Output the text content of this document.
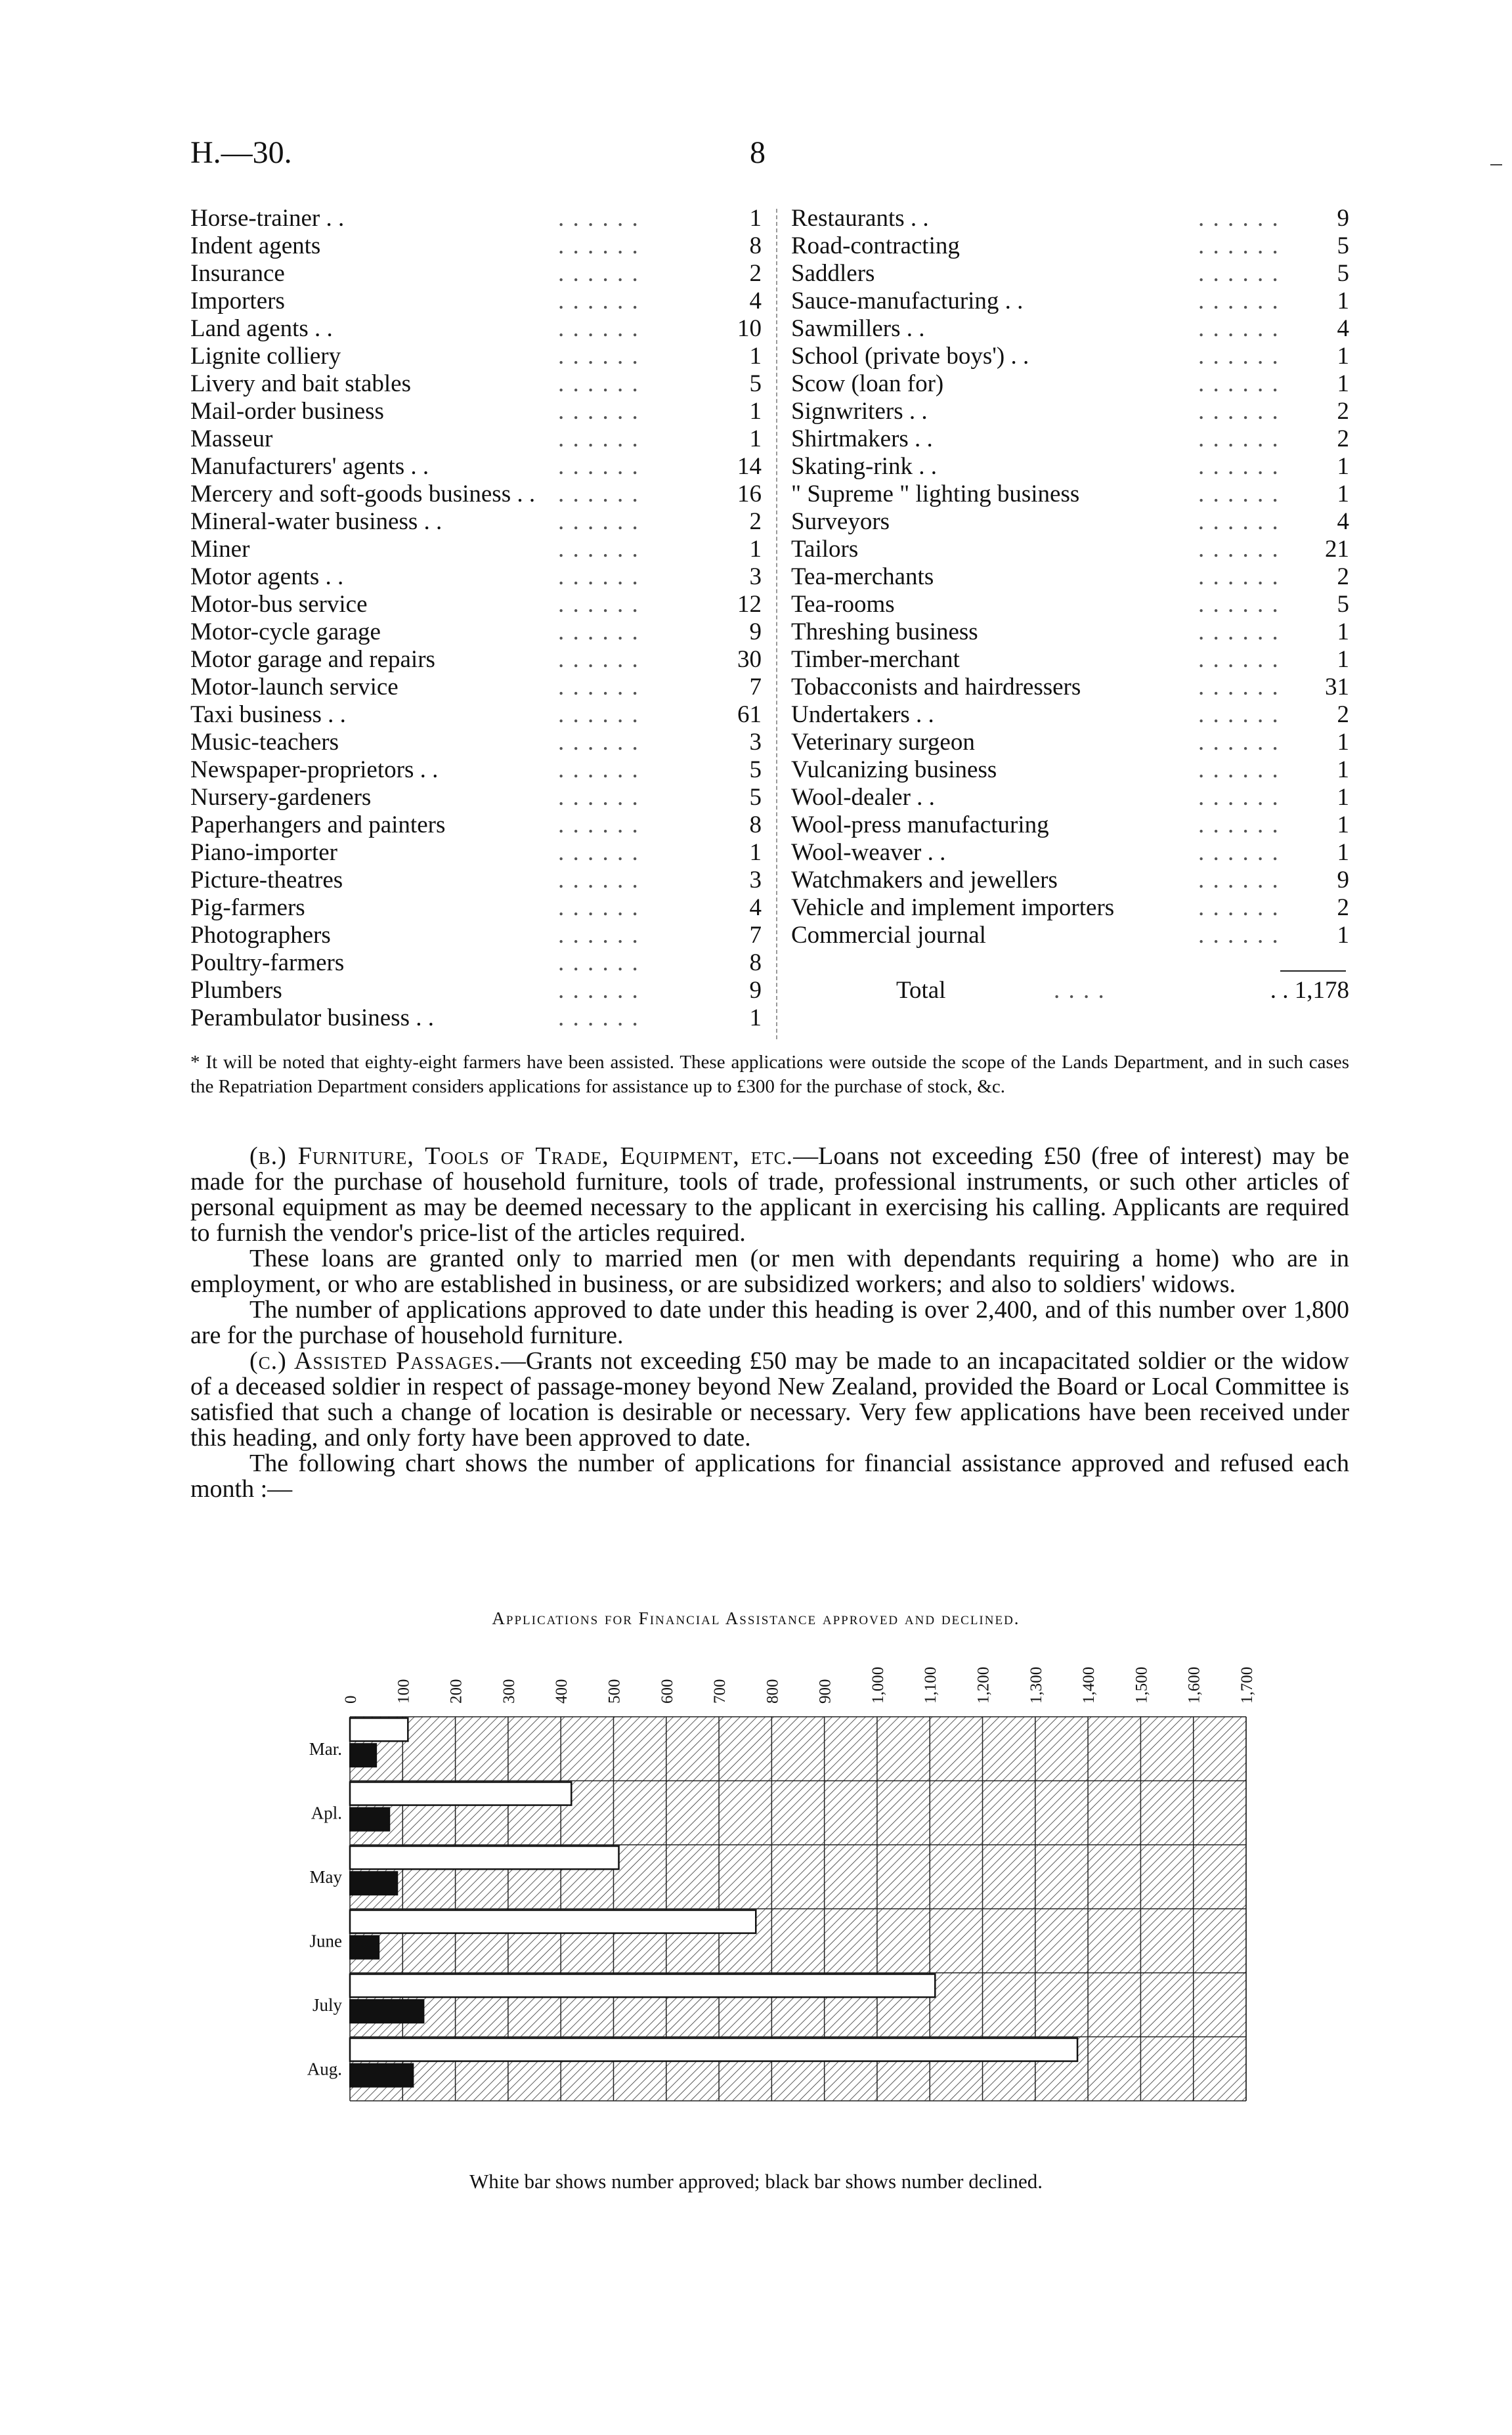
H.—30.	8
Horse-trainer . .	. . . . . .	1
Indent agents	. . . . . .	8
Insurance	. . . . . .	2
Importers	. . . . . .	4
Land agents . .	. . . . . .	10
Lignite colliery	. . . . . .	1
Livery and bait stables	. . . . . .	5
Mail-order business	. . . . . .	1
Masseur	. . . . . .	1
Manufacturers' agents . .	. . . . . .	14
Mercery and soft-goods business . . . . . . . .	16
Mineral-water business . .	. . . . . .	2
Miner	. . . . . .	1
Motor agents . .	. . . . . .	3
Motor-bus service	. . . . . .	12
Motor-cycle garage	. . . . . .	9
Motor garage and repairs	. . . . . .	30
Motor-launch service	. . . . . .	7
Taxi business . .	. . . . . .	61
Music-teachers	. . . . . .	3
Newspaper-proprietors . .	. . . . . .	5
Nursery-gardeners	. . . . . .	5
Paperhangers and painters	. . . . . .	8
Piano-importer	. . . . . .	1
Picture-theatres	. . . . . .	3
Pig-farmers	. . . . . .	4
Photographers	. . . . . .	7
Poultry-farmers	. . . . . .	8
Plumbers	. . . . . .	9
Perambulator business . .	. . . . . .	1
Restaurants . .	. . . . . .	9
Road-contracting	. . . . . .	5
Saddlers	. . . . . .	5
Sauce-manufacturing . .	. . . . . .	1
Sawmillers . .	. . . . . .	4
School (private boys') . .	. . . . . .	1
Scow (loan for)	. . . . . .	1
Signwriters . .	. . . . . .	2
Shirtmakers . .	. . . . . .	2
Skating-rink . .	. . . . . .	1
" Supreme " lighting business	. . . . . .	1
Surveyors	. . . . . .	4
Tailors	. . . . . .	21
Tea-merchants	. . . . . .	2
Tea-rooms	. . . . . .	5
Threshing business	. . . . . .	1
Timber-merchant	. . . . . .	1
Tobacconists and hairdressers	. . . . . .	31
Undertakers . .	. . . . . .	2
Veterinary surgeon	. . . . . .	1
Vulcanizing business	. . . . . .	1
Wool-dealer . .	. . . . . .	1
Wool-press manufacturing	. . . . . .	1
Wool-weaver . .	. . . . . .	1
Watchmakers and jewellers	. . . . . .	9
Vehicle and implement importers	. . . . . .	2
Commercial journal	. . . . . .	1
Total	. . . .	. . 1,178
* It will be noted that eighty-eight farmers have been assisted. These applications were outside the scope of the Lands Department, and in such cases the Repatriation Department considers applications for assistance up to £300 for the purchase of stock, &c.

(b.) Furniture, Tools of Trade, Equipment, etc.—Loans not exceeding £50 (free of interest) may be made for the purchase of household furniture, tools of trade, professional instruments, or such other articles of personal equipment as may be deemed necessary to the applicant in exercising his calling. Applicants are required to furnish the vendor's price-list of the articles required.

These loans are granted only to married men (or men with dependants requiring a home) who are in employment, or who are established in business, or are subsidized workers; and also to soldiers' widows.

The number of applications approved to date under this heading is over 2,400, and of this number over 1,800 are for the purchase of household furniture.

(c.) Assisted Passages.—Grants not exceeding £50 may be made to an incapacitated soldier or the widow of a deceased soldier in respect of passage-money beyond New Zealand, provided the Board or Local Committee is satisfied that such a change of location is desirable or necessary. Very few applications have been received under this heading, and only forty have been approved to date.

The following chart shows the number of applications for financial assistance approved and refused each month :—

Applications for Financial Assistance approved and declined.
0 100 200 300 400 500 600 700 800 900 1,000 1,100 1,200 1,300 1,400 1,500 1,600 1,700
Mar.
Apl.
May
June
July
Aug.
White bar shows number approved; black bar shows number declined.
